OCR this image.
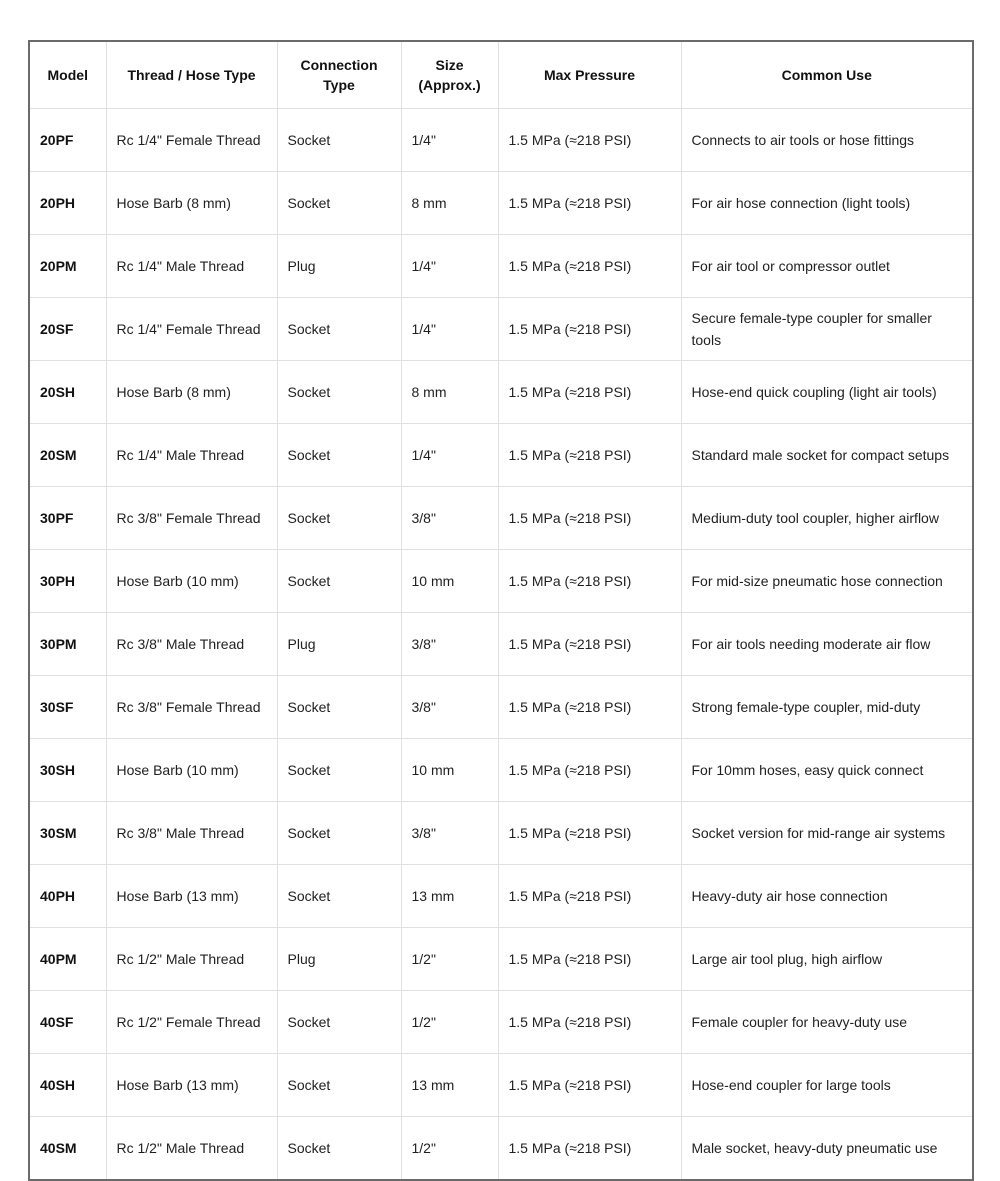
Model	Thread / Hose Type	Connection Type	Size (Approx.)	Max Pressure	Common Use
20PF	Rc 1/4" Female Thread	Socket	1/4"	1.5 MPa (≈218 PSI)	Connects to air tools or hose fittings
20PH	Hose Barb (8 mm)	Socket	8 mm	1.5 MPa (≈218 PSI)	For air hose connection (light tools)
20PM	Rc 1/4" Male Thread	Plug	1/4"	1.5 MPa (≈218 PSI)	For air tool or compressor outlet
20SF	Rc 1/4" Female Thread	Socket	1/4"	1.5 MPa (≈218 PSI)	Secure female-type coupler for smaller tools
20SH	Hose Barb (8 mm)	Socket	8 mm	1.5 MPa (≈218 PSI)	Hose-end quick coupling (light air tools)
20SM	Rc 1/4" Male Thread	Socket	1/4"	1.5 MPa (≈218 PSI)	Standard male socket for compact setups
30PF	Rc 3/8" Female Thread	Socket	3/8"	1.5 MPa (≈218 PSI)	Medium-duty tool coupler, higher airflow
30PH	Hose Barb (10 mm)	Socket	10 mm	1.5 MPa (≈218 PSI)	For mid-size pneumatic hose connection
30PM	Rc 3/8" Male Thread	Plug	3/8"	1.5 MPa (≈218 PSI)	For air tools needing moderate air flow
30SF	Rc 3/8" Female Thread	Socket	3/8"	1.5 MPa (≈218 PSI)	Strong female-type coupler, mid-duty
30SH	Hose Barb (10 mm)	Socket	10 mm	1.5 MPa (≈218 PSI)	For 10mm hoses, easy quick connect
30SM	Rc 3/8" Male Thread	Socket	3/8"	1.5 MPa (≈218 PSI)	Socket version for mid-range air systems
40PH	Hose Barb (13 mm)	Socket	13 mm	1.5 MPa (≈218 PSI)	Heavy-duty air hose connection
40PM	Rc 1/2" Male Thread	Plug	1/2"	1.5 MPa (≈218 PSI)	Large air tool plug, high airflow
40SF	Rc 1/2" Female Thread	Socket	1/2"	1.5 MPa (≈218 PSI)	Female coupler for heavy-duty use
40SH	Hose Barb (13 mm)	Socket	13 mm	1.5 MPa (≈218 PSI)	Hose-end coupler for large tools
40SM	Rc 1/2" Male Thread	Socket	1/2"	1.5 MPa (≈218 PSI)	Male socket, heavy-duty pneumatic use
